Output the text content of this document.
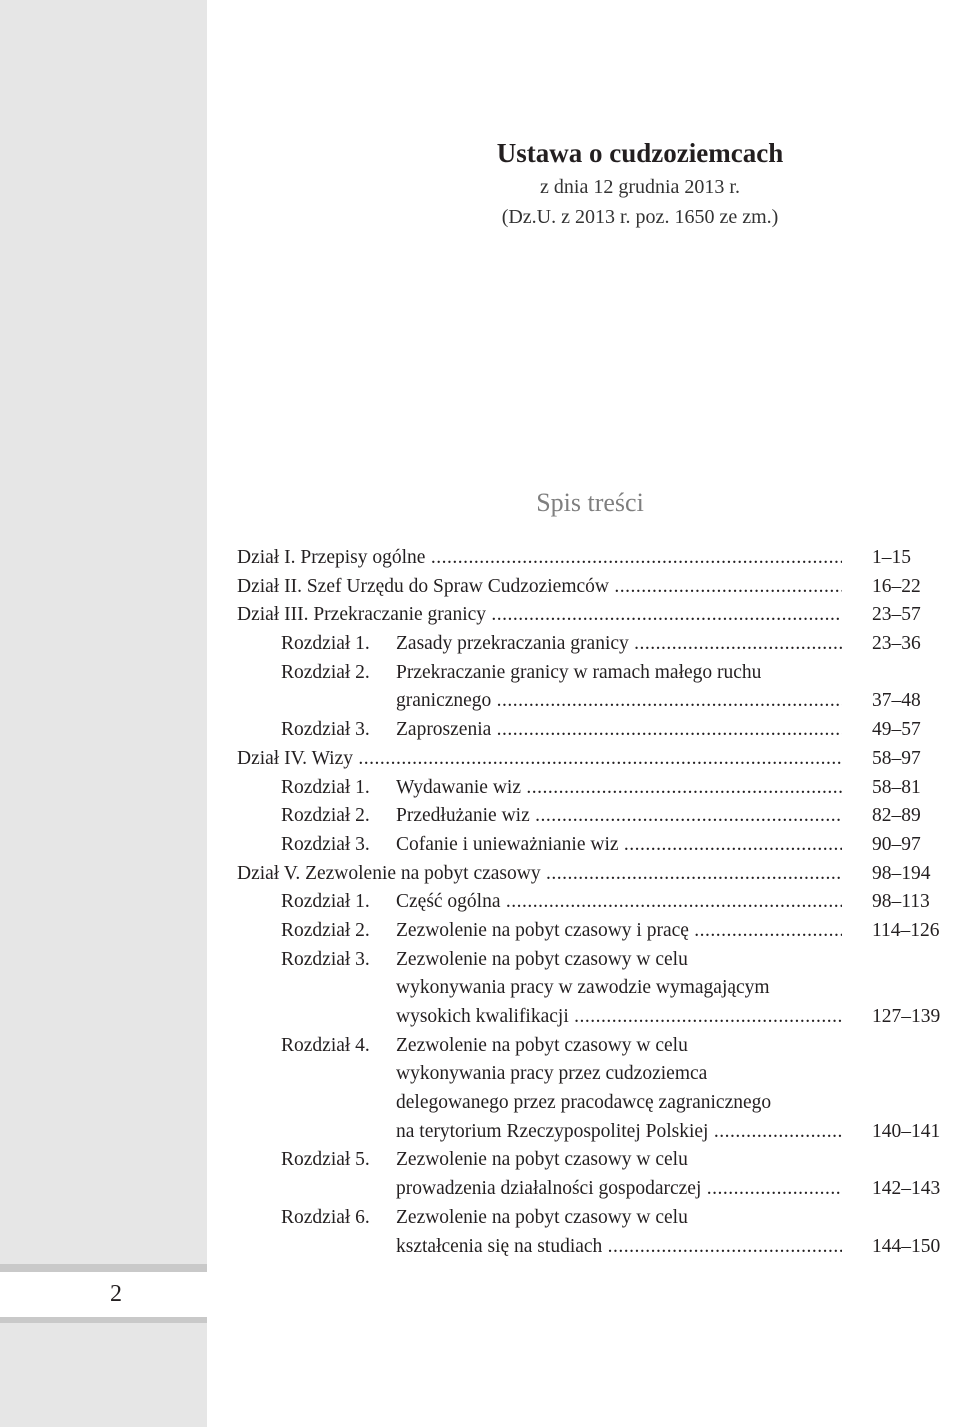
2

Ustawa o cudzoziemcach

z dnia 12 grudnia 2013 r.

(Dz.U. z 2013 r. poz. 1650 ze zm.)

Spis treści
Dział I. Przepisy ogólne .....	1–15
Dział II. Szef Urzędu do Spraw Cudzoziemców .....	16–22
Dział III. Przekraczanie granicy .....	23–57
Rozdział 1. Zasady przekraczania granicy .....	23–36
Rozdział 2. Przekraczanie granicy w ramach małego ruchu
granicznego .....	37–48
Rozdział 3. Zaproszenia .....	49–57
Dział IV. Wizy .....	58–97
Rozdział 1. Wydawanie wiz .....	58–81
Rozdział 2. Przedłużanie wiz .....	82–89
Rozdział 3. Cofanie i unieważnianie wiz .....	90–97
Dział V. Zezwolenie na pobyt czasowy .....	98–194
Rozdział 1. Część ogólna .....	98–113
Rozdział 2. Zezwolenie na pobyt czasowy i pracę .....	114–126
Rozdział 3. Zezwolenie na pobyt czasowy w celu
wykonywania pracy w zawodzie wymagającym
wysokich kwalifikacji .....	127–139
Rozdział 4. Zezwolenie na pobyt czasowy w celu
wykonywania pracy przez cudzoziemca
delegowanego przez pracodawcę zagranicznego
na terytorium Rzeczypospolitej Polskiej .....	140–141
Rozdział 5. Zezwolenie na pobyt czasowy w celu
prowadzenia działalności gospodarczej .....	142–143
Rozdział 6. Zezwolenie na pobyt czasowy w celu
kształcenia się na studiach .....	144–150
